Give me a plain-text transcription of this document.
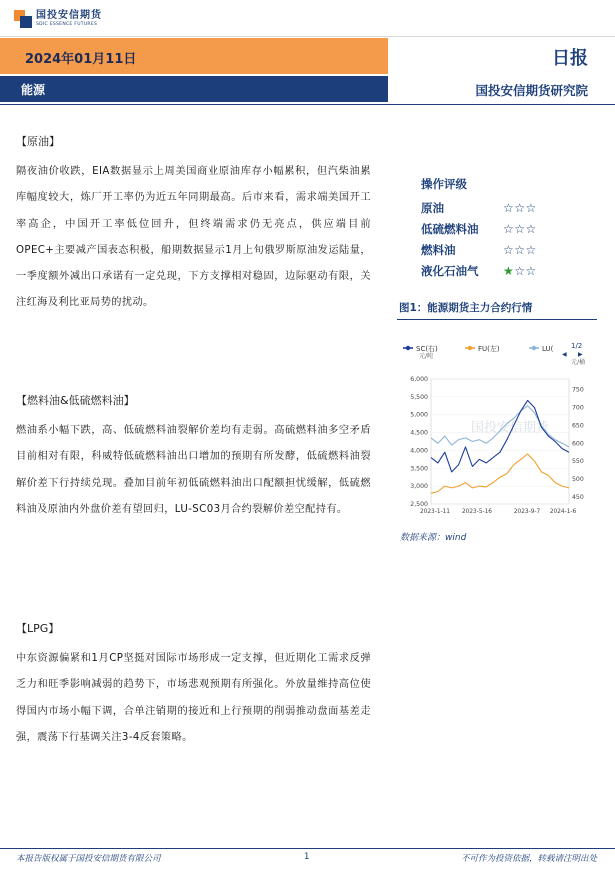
国投安信期货
SDIC ESSENCE FUTURES
2024年01月11日	日报
能源	国投安信期货研究院
【原油】
隔夜油价收跌，EIA数据显示上周美国商业原油库存小幅累积，但汽柴油累库幅度较大，炼厂开工率仍为近五年同期最高。后市来看，需求端美国开工率高企，中国开工率低位回升，但终端需求仍无亮点，供应端目前OPEC+主要减产国表态积极，船期数据显示1月上旬俄罗斯原油发运陆量，一季度额外减出口承诺有一定兑现，下方支撑相对稳固，边际驱动有限，关注红海及利比亚局势的扰动。
【燃料油&低硫燃料油】
燃油系小幅下跌，高、低硫燃料油裂解价差均有走弱。高硫燃料油多空矛盾目前相对有限，科威特低硫燃料油出口增加的预期有所发酵，低硫燃料油裂解价差下行持续兑现。叠加目前年初低硫燃料油出口配额担忧缓解，低硫燃料油及原油内外盘价差有望回归，LU-SC03月合约裂解价差空配持有。
【LPG】
中东资源偏紧和1月CP坚挺对国际市场形成一定支撑，但近期化工需求反弹乏力和旺季影响减弱的趋势下，市场悲观预期有所强化。外放量维持高位使得国内市场小幅下调，合单注销期的接近和上行预期的削弱推动盘面基差走强，震荡下行基调关注3-4反套策略。
操作评级
原油	☆☆☆
低硫燃料油	☆☆☆
燃料油	☆☆☆
液化石油气	★☆☆
图1：能源期货主力合约行情
SC(右)	FU(左)	LU(	1/2
▶
◀
元/吨
元/桶
6,000
5,500
5,000
4,500
4,000
3,500
3,000
2,500
750
700
650
600
550
500
450
2023-1-11 2023-5-16	2023-9-7 2024-1-6
国投安信期货
数据来源：wind
本报告版权属于国投安信期货有限公司	1	不可作为投资依据，转载请注明出处
